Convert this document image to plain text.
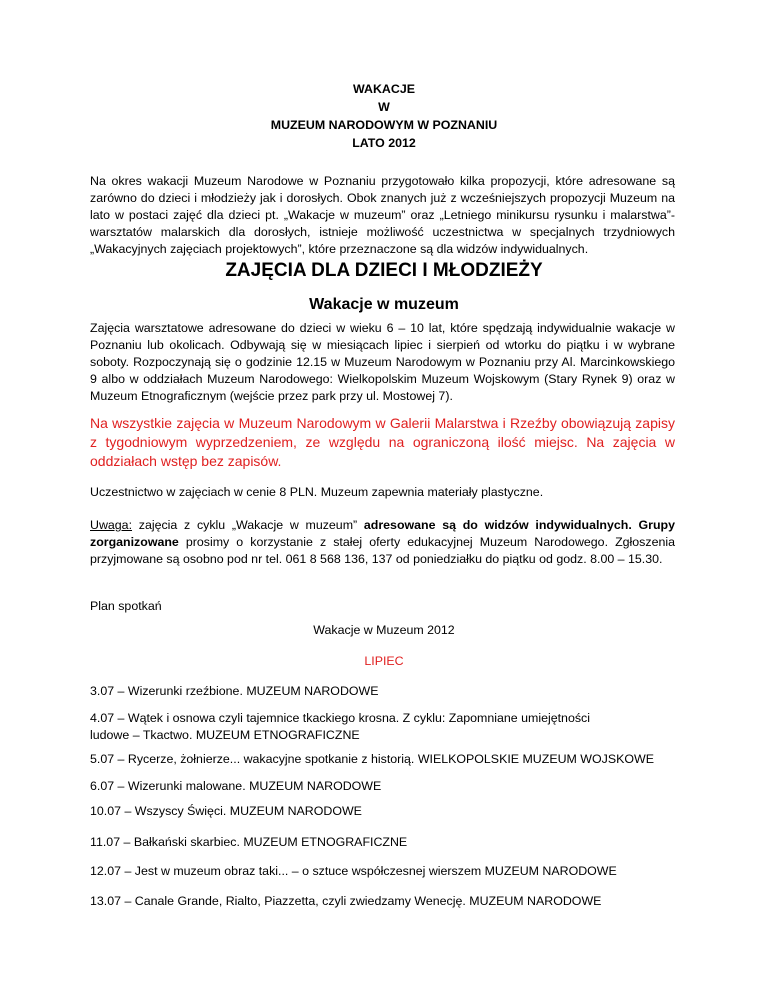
WAKACJE
W
MUZEUM NARODOWYM W POZNANIU
LATO 2012

Na okres wakacji Muzeum Narodowe w Poznaniu przygotowało kilka propozycji, które adresowane są zarówno do dzieci i młodzieży jak i dorosłych. Obok znanych już z wcześniejszych propozycji Muzeum na lato w postaci zajęć dla dzieci pt. „Wakacje w muzeum” oraz „Letniego minikursu rysunku i malarstwa”- warsztatów malarskich dla dorosłych, istnieje możliwość uczestnictwa w specjalnych trzydniowych „Wakacyjnych zajęciach projektowych”, które przeznaczone są dla widzów indywidualnych.

ZAJĘCIA DLA DZIECI I MŁODZIEŻY
Wakacje w muzeum

Zajęcia warsztatowe adresowane do dzieci w wieku 6 – 10 lat, które spędzają indywidualnie wakacje w Poznaniu lub okolicach. Odbywają się w miesiącach lipiec i sierpień od wtorku do piątku i w wybrane soboty. Rozpoczynają się o godzinie 12.15 w Muzeum Narodowym w Poznaniu przy Al. Marcinkowskiego 9 albo w oddziałach Muzeum Narodowego: Wielkopolskim Muzeum Wojskowym (Stary Rynek 9) oraz w Muzeum Etnograficznym (wejście przez park przy ul. Mostowej 7).

Na wszystkie zajęcia w Muzeum Narodowym w Galerii Malarstwa i Rzeźby obowiązują zapisy z tygodniowym wyprzedzeniem, ze względu na ograniczoną ilość miejsc. Na zajęcia w oddziałach wstęp bez zapisów.

Uczestnictwo w zajęciach w cenie 8 PLN. Muzeum zapewnia materiały plastyczne.

Uwaga: zajęcia z cyklu „Wakacje w muzeum” adresowane są do widzów indywidualnych. Grupy zorganizowane prosimy o korzystanie z stałej oferty edukacyjnej Muzeum Narodowego. Zgłoszenia przyjmowane są osobno pod nr tel. 061 8 568 136, 137 od poniedziałku do piątku od godz. 8.00 – 15.30.

Plan spotkań
Wakacje w Muzeum 2012
LIPIEC
3.07 – Wizerunki rzeźbione. MUZEUM NARODOWE
4.07 – Wątek i osnowa czyli tajemnice tkackiego krosna. Z cyklu: Zapomniane umiejętności
ludowe – Tkactwo. MUZEUM ETNOGRAFICZNE
5.07 – Rycerze, żołnierze... wakacyjne spotkanie z historią. WIELKOPOLSKIE MUZEUM WOJSKOWE
6.07 – Wizerunki malowane. MUZEUM NARODOWE
10.07 – Wszyscy Święci. MUZEUM NARODOWE
11.07 – Bałkański skarbiec. MUZEUM ETNOGRAFICZNE
12.07 – Jest w muzeum obraz taki... – o sztuce współczesnej wierszem MUZEUM NARODOWE
13.07 – Canale Grande, Rialto, Piazzetta, czyli zwiedzamy Wenecję. MUZEUM NARODOWE
